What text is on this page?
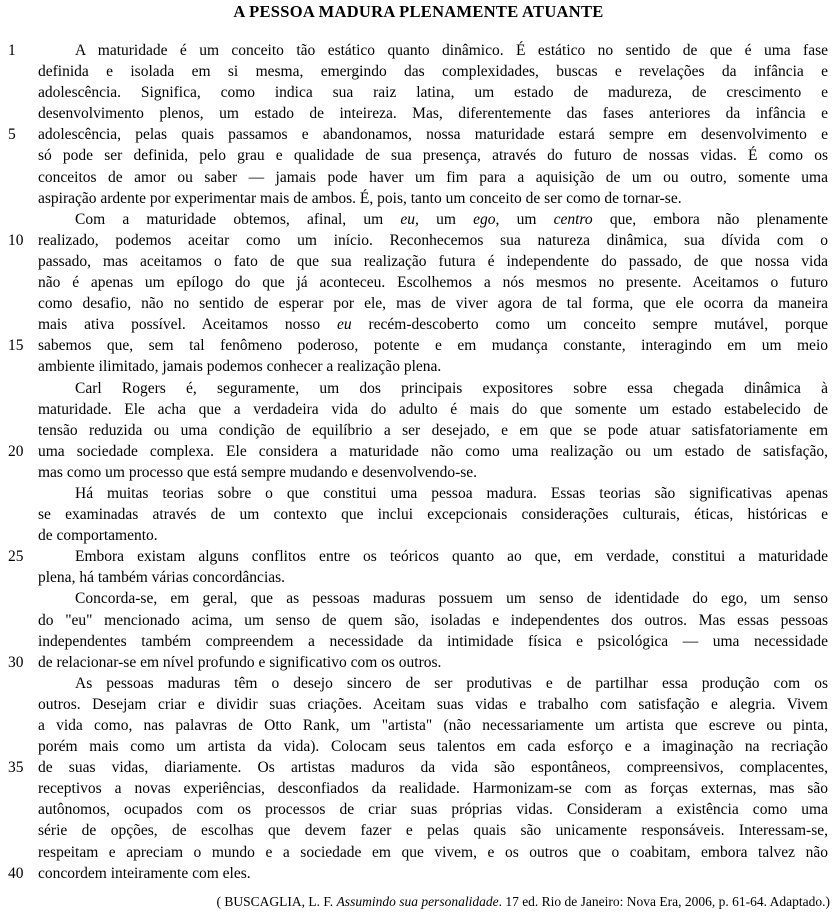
A PESSOA MADURA PLENAMENTE ATUANTE
1	A maturidade é um conceito tão estático quanto dinâmico. É estático no sentido de que é uma fase
definida e isolada em si mesma, emergindo das complexidades, buscas e revelações da infância e
adolescência. Significa, como indica sua raiz latina, um estado de madureza, de crescimento e
desenvolvimento plenos, um estado de inteireza. Mas, diferentemente das fases anteriores da infância e
5	adolescência, pelas quais passamos e abandonamos, nossa maturidade estará sempre em desenvolvimento e
só pode ser definida, pelo grau e qualidade de sua presença, através do futuro de nossas vidas. É como os
conceitos de amor ou saber — jamais pode haver um fim para a aquisição de um ou outro, somente uma
aspiração ardente por experimentar mais de ambos. É, pois, tanto um conceito de ser como de tornar-se.
Com a maturidade obtemos, afinal, um eu, um ego, um centro que, embora não plenamente
10 realizado, podemos aceitar como um início. Reconhecemos sua natureza dinâmica, sua dívida com o
passado, mas aceitamos o fato de que sua realização futura é independente do passado, de que nossa vida
não é apenas um epílogo do que já aconteceu. Escolhemos a nós mesmos no presente. Aceitamos o futuro
como desafio, não no sentido de esperar por ele, mas de viver agora de tal forma, que ele ocorra da maneira
mais ativa possível. Aceitamos nosso eu recém-descoberto como um conceito sempre mutável, porque
15 sabemos que, sem tal fenômeno poderoso, potente e em mudança constante, interagindo em um meio
ambiente ilimitado, jamais podemos conhecer a realização plena.
Carl Rogers é, seguramente, um dos principais expositores sobre essa chegada dinâmica à
maturidade. Ele acha que a verdadeira vida do adulto é mais do que somente um estado estabelecido de
tensão reduzida ou uma condição de equilíbrio a ser desejado, e em que se pode atuar satisfatoriamente em
20 uma sociedade complexa. Ele considera a maturidade não como uma realização ou um estado de satisfação,
mas como um processo que está sempre mudando e desenvolvendo-se.
Há muitas teorias sobre o que constitui uma pessoa madura. Essas teorias são significativas apenas
se examinadas através de um contexto que inclui excepcionais considerações culturais, éticas, históricas e
de comportamento.
25	Embora existam alguns conflitos entre os teóricos quanto ao que, em verdade, constitui a maturidade
plena, há também várias concordâncias.
Concorda-se, em geral, que as pessoas maduras possuem um senso de identidade do ego, um senso
do "eu" mencionado acima, um senso de quem são, isoladas e independentes dos outros. Mas essas pessoas
independentes também compreendem a necessidade da intimidade física e psicológica — uma necessidade
30 de relacionar-se em nível profundo e significativo com os outros.
As pessoas maduras têm o desejo sincero de ser produtivas e de partilhar essa produção com os
outros. Desejam criar e dividir suas criações. Aceitam suas vidas e trabalho com satisfação e alegria. Vivem
a vida como, nas palavras de Otto Rank, um "artista" (não necessariamente um artista que escreve ou pinta,
porém mais como um artista da vida). Colocam seus talentos em cada esforço e a imaginação na recriação
35 de suas vidas, diariamente. Os artistas maduros da vida são espontâneos, compreensivos, complacentes,
receptivos a novas experiências, desconfiados da realidade. Harmonizam-se com as forças externas, mas são
autônomos, ocupados com os processos de criar suas próprias vidas. Consideram a existência como uma
série de opções, de escolhas que devem fazer e pelas quais são unicamente responsáveis. Interessam-se,
respeitam e apreciam o mundo e a sociedade em que vivem, e os outros que o coabitam, embora talvez não
40 concordem inteiramente com eles.
( BUSCAGLIA, L. F. Assumindo sua personalidade. 17 ed. Rio de Janeiro: Nova Era, 2006, p. 61-64. Adaptado.)
